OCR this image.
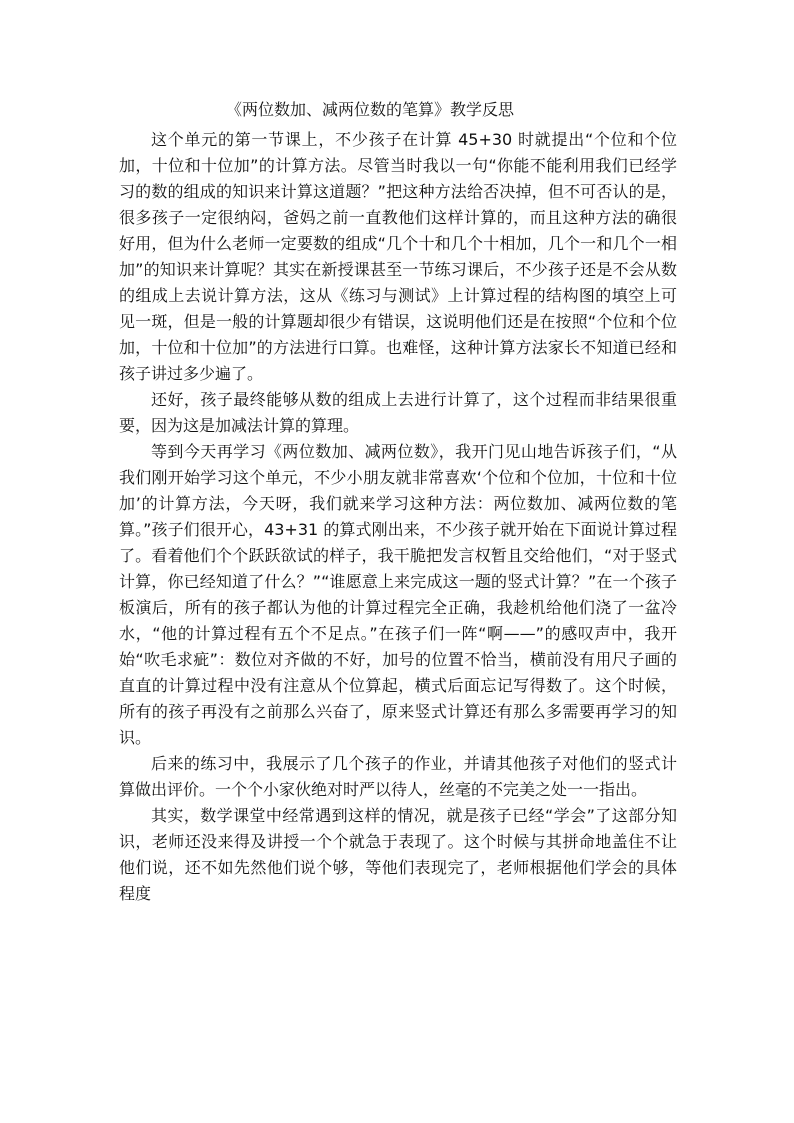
《两位数加、减两位数的笔算》教学反思

这个单元的第一节课上，不少孩子在计算 45+30 时就提出“个位和个位加，十位和十位加”的计算方法。尽管当时我以一句“你能不能利用我们已经学习的数的组成的知识来计算这道题？”把这种方法给否决掉，但不可否认的是，很多孩子一定很纳闷，爸妈之前一直教他们这样计算的，而且这种方法的确很好用，但为什么老师一定要数的组成“几个十和几个十相加，几个一和几个一相加”的知识来计算呢？其实在新授课甚至一节练习课后，不少孩子还是不会从数的组成上去说计算方法，这从《练习与测试》上计算过程的结构图的填空上可见一斑，但是一般的计算题却很少有错误，这说明他们还是在按照“个位和个位加，十位和十位加”的方法进行口算。也难怪，这种计算方法家长不知道已经和孩子讲过多少遍了。

还好，孩子最终能够从数的组成上去进行计算了，这个过程而非结果很重要，因为这是加减法计算的算理。

等到今天再学习《两位数加、减两位数》，我开门见山地告诉孩子们，“从我们刚开始学习这个单元，不少小朋友就非常喜欢‘个位和个位加，十位和十位加’的计算方法，今天呀，我们就来学习这种方法：两位数加、减两位数的笔算。”孩子们很开心，43+31 的算式刚出来，不少孩子就开始在下面说计算过程了。看着他们个个跃跃欲试的样子，我干脆把发言权暂且交给他们，“对于竖式计算，你已经知道了什么？”“谁愿意上来完成这一题的竖式计算？”在一个孩子板演后，所有的孩子都认为他的计算过程完全正确，我趁机给他们浇了一盆冷水，“他的计算过程有五个不足点。”在孩子们一阵“啊——”的感叹声中，我开始“吹毛求疵”：数位对齐做的不好，加号的位置不恰当，横前没有用尺子画的直直的计算过程中没有注意从个位算起，横式后面忘记写得数了。这个时候，所有的孩子再没有之前那么兴奋了，原来竖式计算还有那么多需要再学习的知识。

后来的练习中，我展示了几个孩子的作业，并请其他孩子对他们的竖式计算做出评价。一个个小家伙绝对时严以待人，丝毫的不完美之处一一指出。

其实，数学课堂中经常遇到这样的情况，就是孩子已经“学会”了这部分知识，老师还没来得及讲授一个个就急于表现了。这个时候与其拼命地盖住不让他们说，还不如先然他们说个够，等他们表现完了，老师根据他们学会的具体程度
